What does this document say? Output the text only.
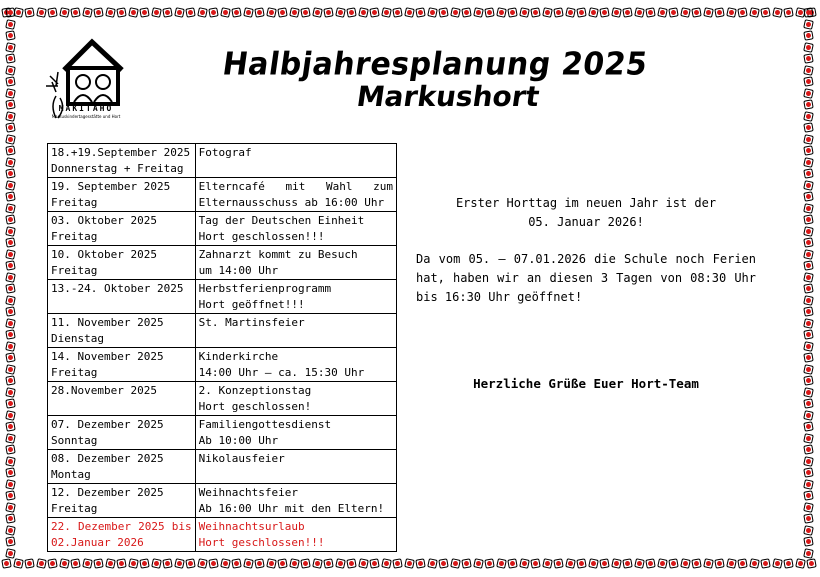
MAKITAHO
Markuskindertagesstätte und Hort
Halbjahresplanung 2025
Markushort
18.+19.September 2025
Donnerstag + Freitag	Fotograf

19. September 2025
Freitag	Elterncafé mit Wahl zum
Elternausschuss ab 16:00 Uhr

03. Oktober 2025
Freitag	Tag der Deutschen Einheit
Hort geschlossen!!!

10. Oktober 2025
Freitag	Zahnarzt kommt zu Besuch
um 14:00 Uhr

13.-24. Oktober 2025	Herbstferienprogramm
Hort geöffnet!!!

11. November 2025
Dienstag	St. Martinsfeier

14. November 2025
Freitag	Kinderkirche
14:00 Uhr – ca. 15:30 Uhr

28.November 2025	2. Konzeptionstag
Hort geschlossen!

07. Dezember 2025
Sonntag	Familiengottesdienst
Ab 10:00 Uhr

08. Dezember 2025
Montag	Nikolausfeier

12. Dezember 2025
Freitag	Weihnachtsfeier
Ab 16:00 Uhr mit den Eltern!

22. Dezember 2025 bis
02.Januar 2026	Weihnachtsurlaub
Hort geschlossen!!!
Erster Horttag im neuen Jahr ist der
05. Januar 2026!
Da vom 05. – 07.01.2026 die Schule noch Ferien hat, haben wir an diesen 3 Tagen von 08:30 Uhr bis 16:30 Uhr geöffnet!
Herzliche Grüße Euer Hort-Team
